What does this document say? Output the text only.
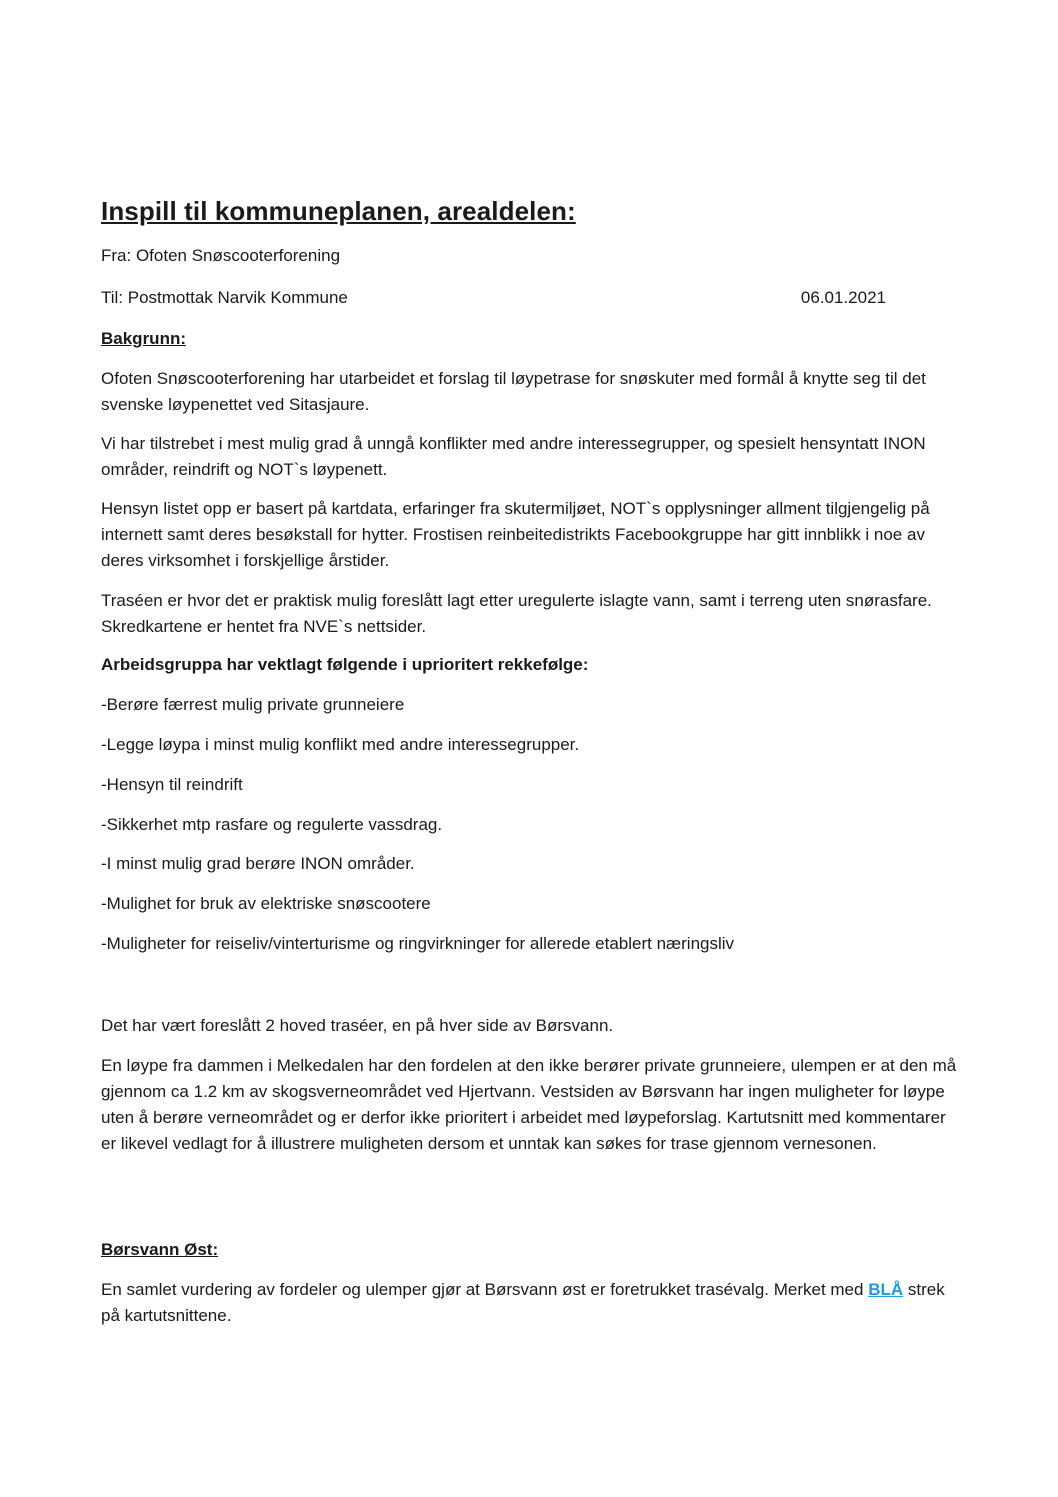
Inspill til kommuneplanen, arealdelen:

Fra: Ofoten Snøscooterforening

Til: Postmottak Narvik Kommune	06.01.2021

Bakgrunn:

Ofoten Snøscooterforening har utarbeidet et forslag til løypetrase for snøskuter med formål å knytte seg til det svenske løypenettet ved Sitasjaure.

Vi har tilstrebet i mest mulig grad å unngå konflikter med andre interessegrupper, og spesielt hensyntatt INON områder, reindrift og NOT`s løypenett.

Hensyn listet opp er basert på kartdata, erfaringer fra skutermiljøet, NOT`s opplysninger allment tilgjengelig på internett samt deres besøkstall for hytter. Frostisen reinbeitedistrikts Facebookgruppe har gitt innblikk i noe av deres virksomhet i forskjellige årstider.

Traséen er hvor det er praktisk mulig foreslått lagt etter uregulerte islagte vann, samt i terreng uten snørasfare. Skredkartene er hentet fra NVE`s nettsider.

Arbeidsgruppa har vektlagt følgende i uprioritert rekkefølge:

-Berøre færrest mulig private grunneiere

-Legge løypa i minst mulig konflikt med andre interessegrupper.

-Hensyn til reindrift

-Sikkerhet mtp rasfare og regulerte vassdrag.

-I minst mulig grad berøre INON områder.

-Mulighet for bruk av elektriske snøscootere

-Muligheter for reiseliv/vinterturisme og ringvirkninger for allerede etablert næringsliv

Det har vært foreslått 2 hoved traséer, en på hver side av Børsvann.

En løype fra dammen i Melkedalen har den fordelen at den ikke berører private grunneiere, ulempen er at den må gjennom ca 1.2 km av skogsverneområdet ved Hjertvann. Vestsiden av Børsvann har ingen muligheter for løype uten å berøre verneområdet og er derfor ikke prioritert i arbeidet med løypeforslag. Kartutsnitt med kommentarer er likevel vedlagt for å illustrere muligheten dersom et unntak kan søkes for trase gjennom vernesonen.

Børsvann Øst:

En samlet vurdering av fordeler og ulemper gjør at Børsvann øst er foretrukket trasévalg. Merket med BLÅ strek på kartutsnittene.
